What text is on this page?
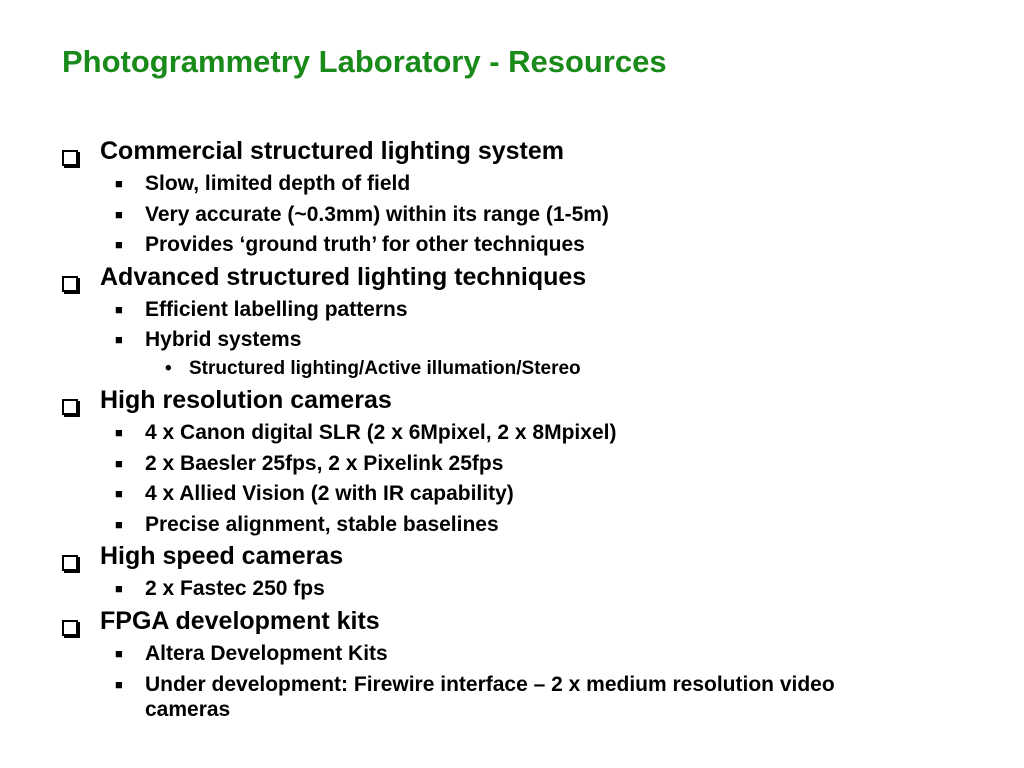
Photogrammetry Laboratory - Resources
Commercial structured lighting system
■ Slow, limited depth of field
■ Very accurate (~0.3mm) within its range (1-5m)
■ Provides ‘ground truth’ for other techniques
Advanced structured lighting techniques
■ Efficient labelling patterns
■ Hybrid systems
• Structured lighting/Active illumation/Stereo
High resolution cameras
■ 4 x Canon digital SLR (2 x 6Mpixel, 2 x 8Mpixel)
■ 2 x Baesler 25fps, 2 x Pixelink 25fps
■ 4 x Allied Vision (2 with IR capability)
■ Precise alignment, stable baselines
High speed cameras
■ 2 x Fastec 250 fps
FPGA development kits
■ Altera Development Kits
■ Under development: Firewire interface – 2 x medium resolution video cameras
